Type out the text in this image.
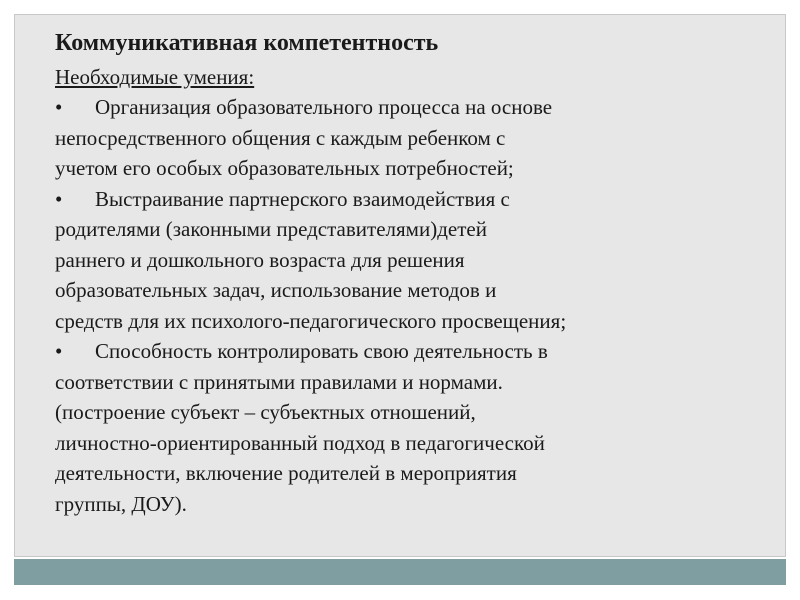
Коммуникативная компетентность

Необходимые умения:

• Организация образовательного процесса на основе
непосредственного общения с каждым ребенком с
учетом его особых образовательных потребностей;
• Выстраивание партнерского взаимодействия с
родителями (законными представителями)детей
раннего и дошкольного возраста для решения
образовательных задач, использование методов и
средств для их психолого-педагогического просвещения;
• Способность контролировать свою деятельность в
соответствии с принятыми правилами и нормами.
(построение субъект – субъектных отношений,
личностно-ориентированный подход в педагогической
деятельности, включение родителей в мероприятия
группы, ДОУ).
